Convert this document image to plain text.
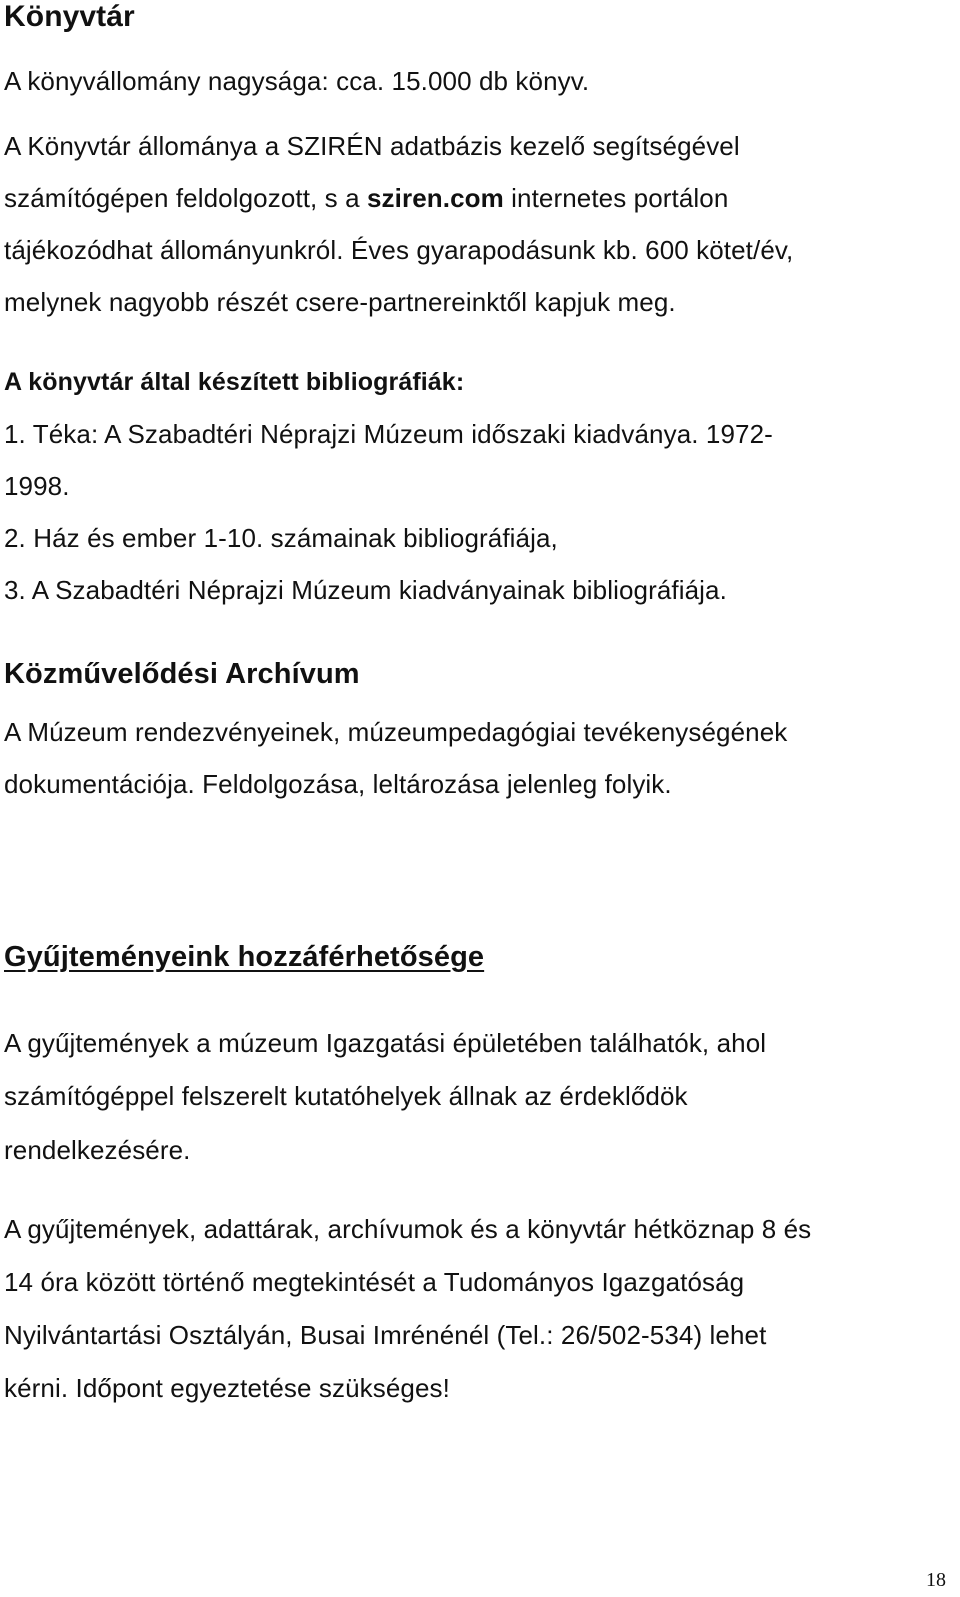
Könyvtár
A könyvállomány nagysága: cca. 15.000 db könyv.
A Könyvtár állománya a SZIRÉN adatbázis kezelő segítségével
számítógépen feldolgozott, s a sziren.com internetes portálon
tájékozódhat állományunkról. Éves gyarapodásunk kb. 600 kötet/év,
melynek nagyobb részét csere-partnereinktől kapjuk meg.
A könyvtár által készített bibliográfiák:
1. Téka: A Szabadtéri Néprajzi Múzeum időszaki kiadványa. 1972-
1998.
2. Ház és ember 1-10. számainak bibliográfiája,
3. A Szabadtéri Néprajzi Múzeum kiadványainak bibliográfiája.
Közművelődési Archívum
A Múzeum rendezvényeinek, múzeumpedagógiai tevékenységének
dokumentációja. Feldolgozása, leltározása jelenleg folyik.
Gyűjteményeink hozzáférhetősége
A gyűjtemények a múzeum Igazgatási épületében találhatók, ahol
számítógéppel felszerelt kutatóhelyek állnak az érdeklődök
rendelkezésére.
A gyűjtemények, adattárak, archívumok és a könyvtár hétköznap 8 és
14 óra között történő megtekintését a Tudományos Igazgatóság
Nyilvántartási Osztályán, Busai Imrénénél (Tel.: 26/502-534) lehet
kérni. Időpont egyeztetése szükséges!
18
